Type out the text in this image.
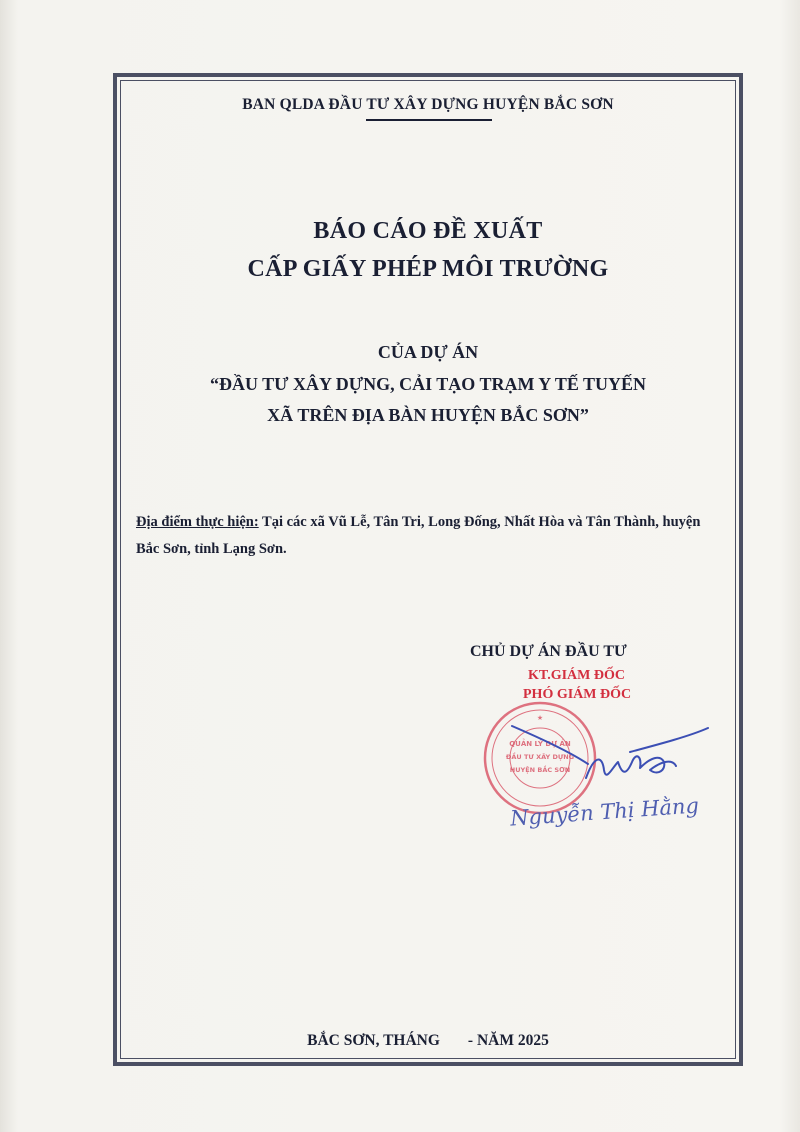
BAN QLDA ĐẦU TƯ XÂY DỰNG HUYỆN BẮC SƠN
BÁO CÁO ĐỀ XUẤT
CẤP GIẤY PHÉP MÔI TRƯỜNG
CỦA DỰ ÁN
“ĐẦU TƯ XÂY DỰNG, CẢI TẠO TRẠM Y TẾ TUYẾN
XÃ TRÊN ĐỊA BÀN HUYỆN BẮC SƠN”
Địa điểm thực hiện: Tại các xã Vũ Lễ, Tân Tri, Long Đống, Nhất Hòa và Tân Thành, huyện Bắc Sơn, tỉnh Lạng Sơn.
CHỦ DỰ ÁN ĐẦU TƯ
KT.GIÁM ĐỐC
PHÓ GIÁM ĐỐC
QUẢN LÝ DỰ ÁN
ĐẦU TƯ XÂY DỰNG
HUYỆN BẮC SƠN
★
Nguyễn Thị Hằng
BẮC SƠN, THÁNG - NĂM 2025
